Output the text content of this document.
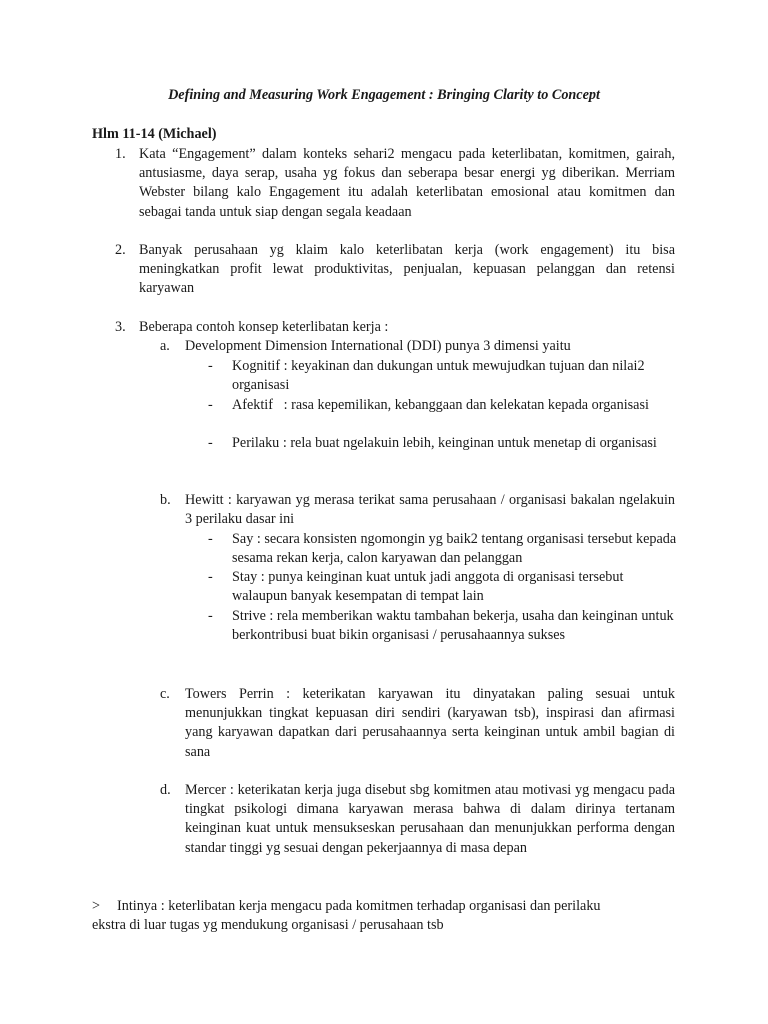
Defining and Measuring Work Engagement : Bringing Clarity to Concept

Hlm 11-14 (Michael)

1. Kata “Engagement” dalam konteks sehari2 mengacu pada keterlibatan, komitmen, gairah, antusiasme, daya serap, usaha yg fokus dan seberapa besar energi yg diberikan. Merriam Webster bilang kalo Engagement itu adalah keterlibatan emosional atau komitmen dan sebagai tanda untuk siap dengan segala keadaan
2. Banyak perusahaan yg klaim kalo keterlibatan kerja (work engagement) itu bisa meningkatkan profit lewat produktivitas, penjualan, kepuasan pelanggan dan retensi karyawan
3. Beberapa contoh konsep keterlibatan kerja :
a. Development Dimension International (DDI) punya 3 dimensi yaitu
- Kognitif : keyakinan dan dukungan untuk mewujudkan tujuan dan nilai2 organisasi
- Afektif   : rasa kepemilikan, kebanggaan dan kelekatan kepada organisasi
- Perilaku : rela buat ngelakuin lebih, keinginan untuk menetap di organisasi
b. Hewitt : karyawan yg merasa terikat sama perusahaan / organisasi bakalan ngelakuin 3 perilaku dasar ini
- Say : secara konsisten ngomongin yg baik2 tentang organisasi tersebut kepada sesama rekan kerja, calon karyawan dan pelanggan
- Stay : punya keinginan kuat untuk jadi anggota di organisasi tersebut walaupun banyak kesempatan di tempat lain
- Strive : rela memberikan waktu tambahan bekerja, usaha dan keinginan untuk berkontribusi buat bikin organisasi / perusahaannya sukses
c. Towers Perrin : keterikatan karyawan itu dinyatakan paling sesuai untuk menunjukkan tingkat kepuasan diri sendiri (karyawan tsb), inspirasi dan afirmasi yang karyawan dapatkan dari perusahaannya serta keinginan untuk ambil bagian di sana
d. Mercer : keterikatan kerja juga disebut sbg komitmen atau motivasi yg mengacu pada tingkat psikologi dimana karyawan merasa bahwa di dalam dirinya tertanam keinginan kuat untuk mensukseskan perusahaan dan menunjukkan performa dengan standar tinggi yg sesuai dengan pekerjaannya di masa depan
> Intinya : keterlibatan kerja mengacu pada komitmen terhadap organisasi dan perilaku
ekstra di luar tugas yg mendukung organisasi / perusahaan tsb
